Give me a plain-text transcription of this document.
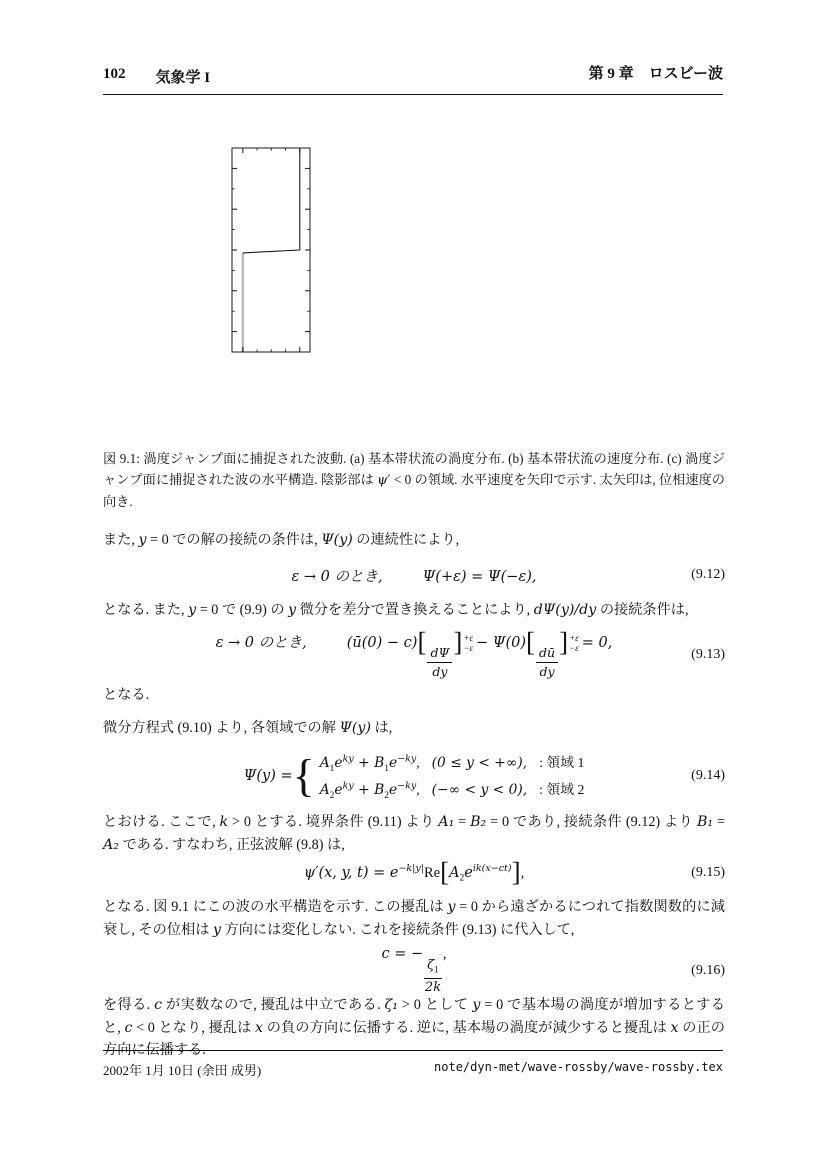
102 気象学 I	第 9 章　ロスビー波
図 9.1: 渦度ジャンプ面に捕捉された波動. (a) 基本帯状流の渦度分布. (b) 基本帯状流の速度分布. (c) 渦度ジャンプ面に捕捉された波の水平構造. 陰影部は ψ′ < 0 の領域. 水平速度を矢印で示す. 太矢印は, 位相速度の向き.
また, y = 0 での解の接続の条件は, Ψ(y) の連続性により,
ε → 0 のとき,	Ψ(+ε) = Ψ(−ε),	(9.12)
となる. また, y = 0 で (9.9) の y 微分を差分で置き換えることにより, dΨ(y)/dy の接続条件は,
ε → 0 のとき,	(ū(0) − c)[
$\frac{d\Psi}{dy}$
] +ε
−ε − Ψ(0)[
$\frac{dū}{dy}$
] +ε
−ε = 0,
(9.13)
となる.
微分方程式 (9.10) より, 各領域での解 Ψ(y) は,
Ψ(y) = { $A_1e^{ky} + B_1e^{-ky}$, (0 ≤ y < +∞), : 領域 1
$A_2e^{ky} + B_2e^{-ky}$, (−∞ < y < 0), : 領域 2
(9.14)
とおける. ここで, k > 0 とする. 境界条件 (9.11) より A₁ = B₂ = 0 であり, 接続条件 (9.12) より B₁ = A₂ である. すなわち, 正弦波解 (9.8) は,
ψ′(x, y, $t) = e^{-k|y|}Re[A_2e^{ik(x-ct)}]$,	(9.15)
となる. 図 9.1 にこの波の水平構造を示す. この擾乱は y = 0 から遠ざかるにつれて指数関数的に減衰し, その位相は y 方向には変化しない. これを接続条件 (9.13) に代入して,
c = −
$\frac{\zeta_1}{2k}$
,
(9.16)
を得る. c が実数なので, 擾乱は中立である. ζ₁ > 0 として y = 0 で基本場の渦度が増加するとすると, c < 0 となり, 擾乱は x の負の方向に伝播する. 逆に, 基本場の渦度が減少すると擾乱は x の正の方向に伝播する.
2002年 1月 10日 (余田 成男)	note/dyn-met/wave-rossby/wave-rossby.tex
